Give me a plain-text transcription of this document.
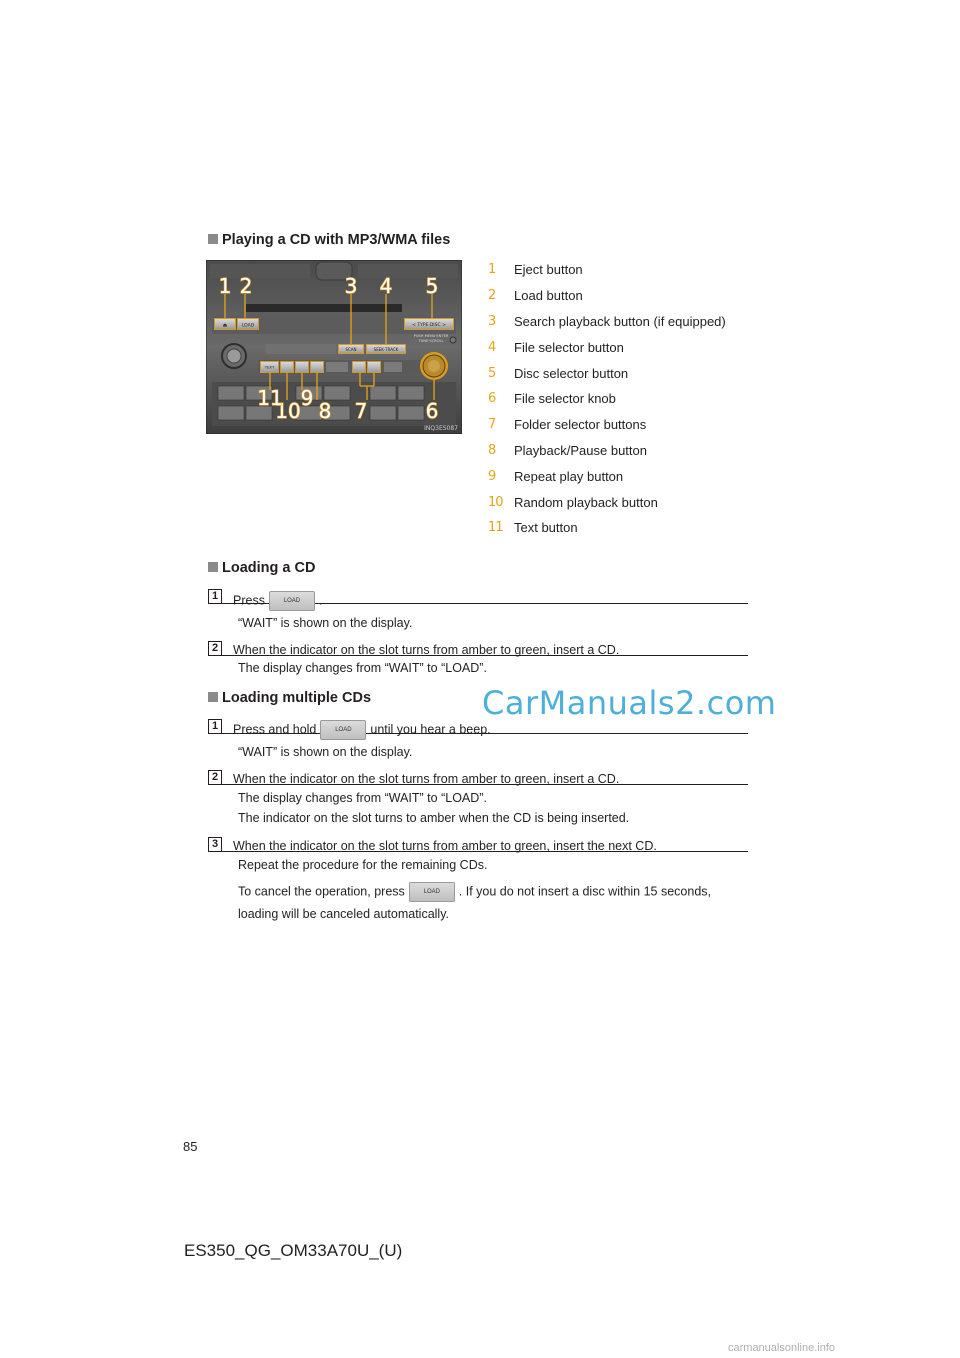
Playing a CD with MP3/WMA files
⏏	LOAD	< TYPE·DISC >
PUSH MENU·ENTER
TUNE·SCROLL
SCAN	SEEK·TRACK
TEXT
1 2	3 4 5
6
7
8
9
10
11
INQ3ES087
1	Eject button
2	Load button
3	Search playback button (if equipped)
4	File selector button
5	Disc selector button
6	File selector knob
7	Folder selector buttons
8	Playback/Pause button
9	Repeat play button
10 Random playback button
11 Text button
Loading a CD
1	Press	LOAD .
“WAIT” is shown on the display.
2	When the indicator on the slot turns from amber to green, insert a CD.
The display changes from “WAIT” to “LOAD”.
Loading multiple CDs
1	Press and hold	LOAD until you hear a beep.
“WAIT” is shown on the display.
2	When the indicator on the slot turns from amber to green, insert a CD.
The display changes from “WAIT” to “LOAD”.
The indicator on the slot turns to amber when the CD is being inserted.
3	When the indicator on the slot turns from amber to green, insert the next CD.
Repeat the procedure for the remaining CDs.
To cancel the operation, press	LOAD . If you do not insert a disc within 15 seconds,
loading will be canceled automatically.
CarManuals2.com
85
ES350_QG_OM33A70U_(U)
carmanualsonline.info
